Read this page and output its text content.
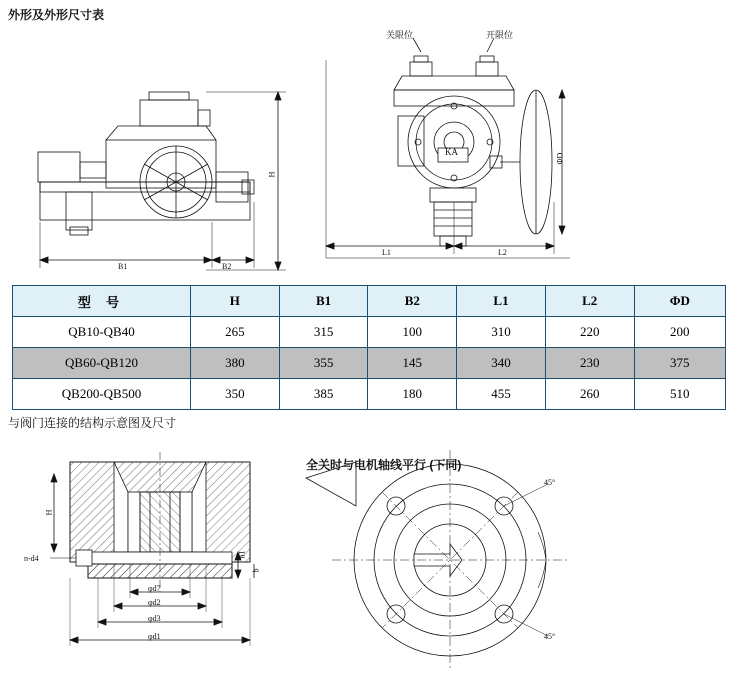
外形及外形尺寸表
与阀门连接的结构示意图及尺寸
H
B1	B2
KA
关限位	开限位
ΦD
L1	L2
型 号	H	B1	B2	L1	L2	ΦD
QB10-QB40	265	315	100	310	220	200
QB60-QB120	380	355	145	340	230	375
QB200-QB500	350	385	180	455	260	510
H
h1
b
n-d4
φd7
φd2
φd3
φd1
全关时与电机轴线平行 (下同)
45°
45°
